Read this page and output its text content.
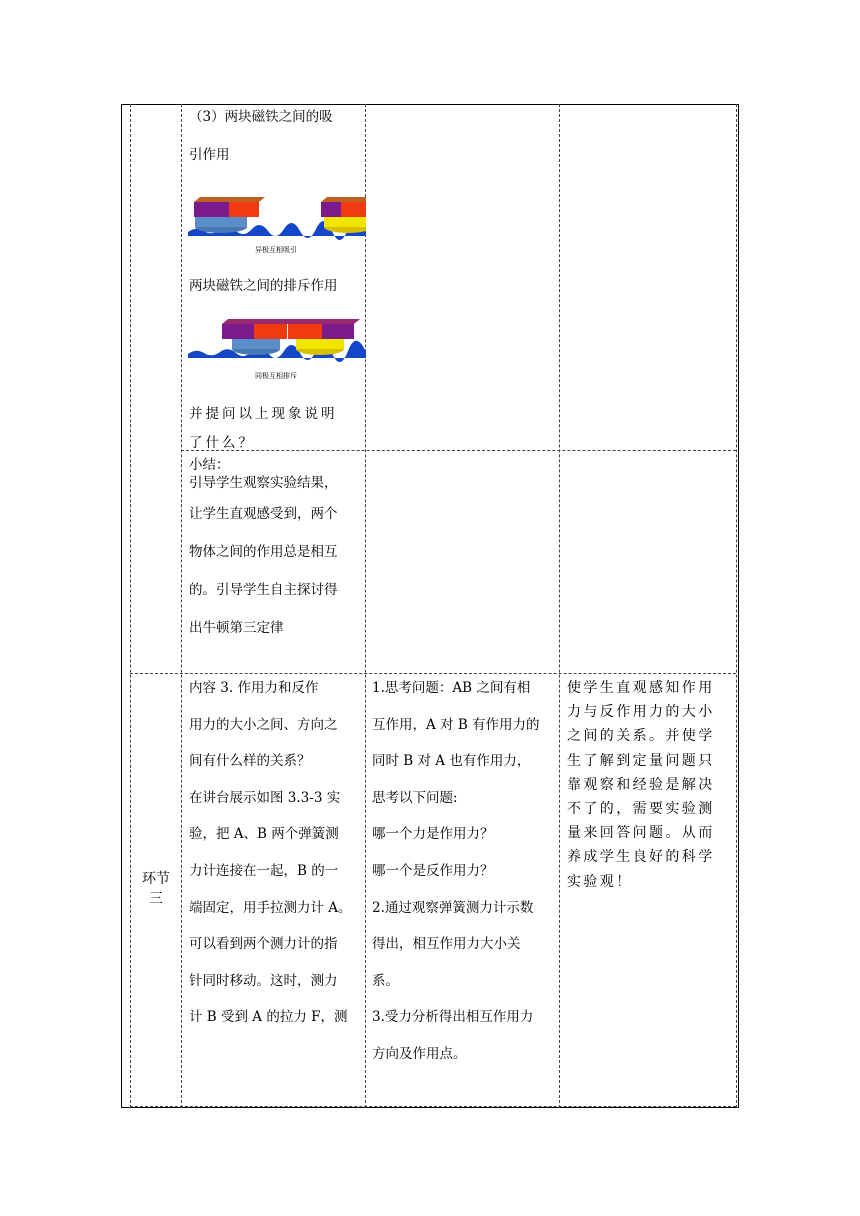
（3）两块磁铁之间的吸

引作用

异极互相吸引

两块磁铁之间的排斥作用

同极互相排斥

并提问以上现象说明

了什么？

小结：

引导学生观察实验结果，

让学生直观感受到，两个

物体之间的作用总是相互

的。引导学生自主探讨得

出牛顿第三定律

环节

三

内容 3. 作用力和反作

用力的大小之间、方向之

间有什么样的关系？

在讲台展示如图 3.3-3 实

验，把 A、B 两个弹簧测

力计连接在一起，B 的一

端固定，用手拉测力计 A。

可以看到两个测力计的指

针同时移动。这时，测力

计 B 受到 A 的拉力 F，测

1.思考问题：AB 之间有相

互作用，A 对 B 有作用力的

同时 B 对 A 也有作用力，

思考以下问题:

哪一个力是作用力？

哪一个是反作用力？

2.通过观察弹簧测力计示数

得出，相互作用力大小关

系。

3.受力分析得出相互作用力

方向及作用点。

使学生直观感知作用

力与反作用力的大小

之间的关系。并使学

生了解到定量问题只

靠观察和经验是解决

不了的，需要实验测

量来回答问题。从而

养成学生良好的科学

实验观！
